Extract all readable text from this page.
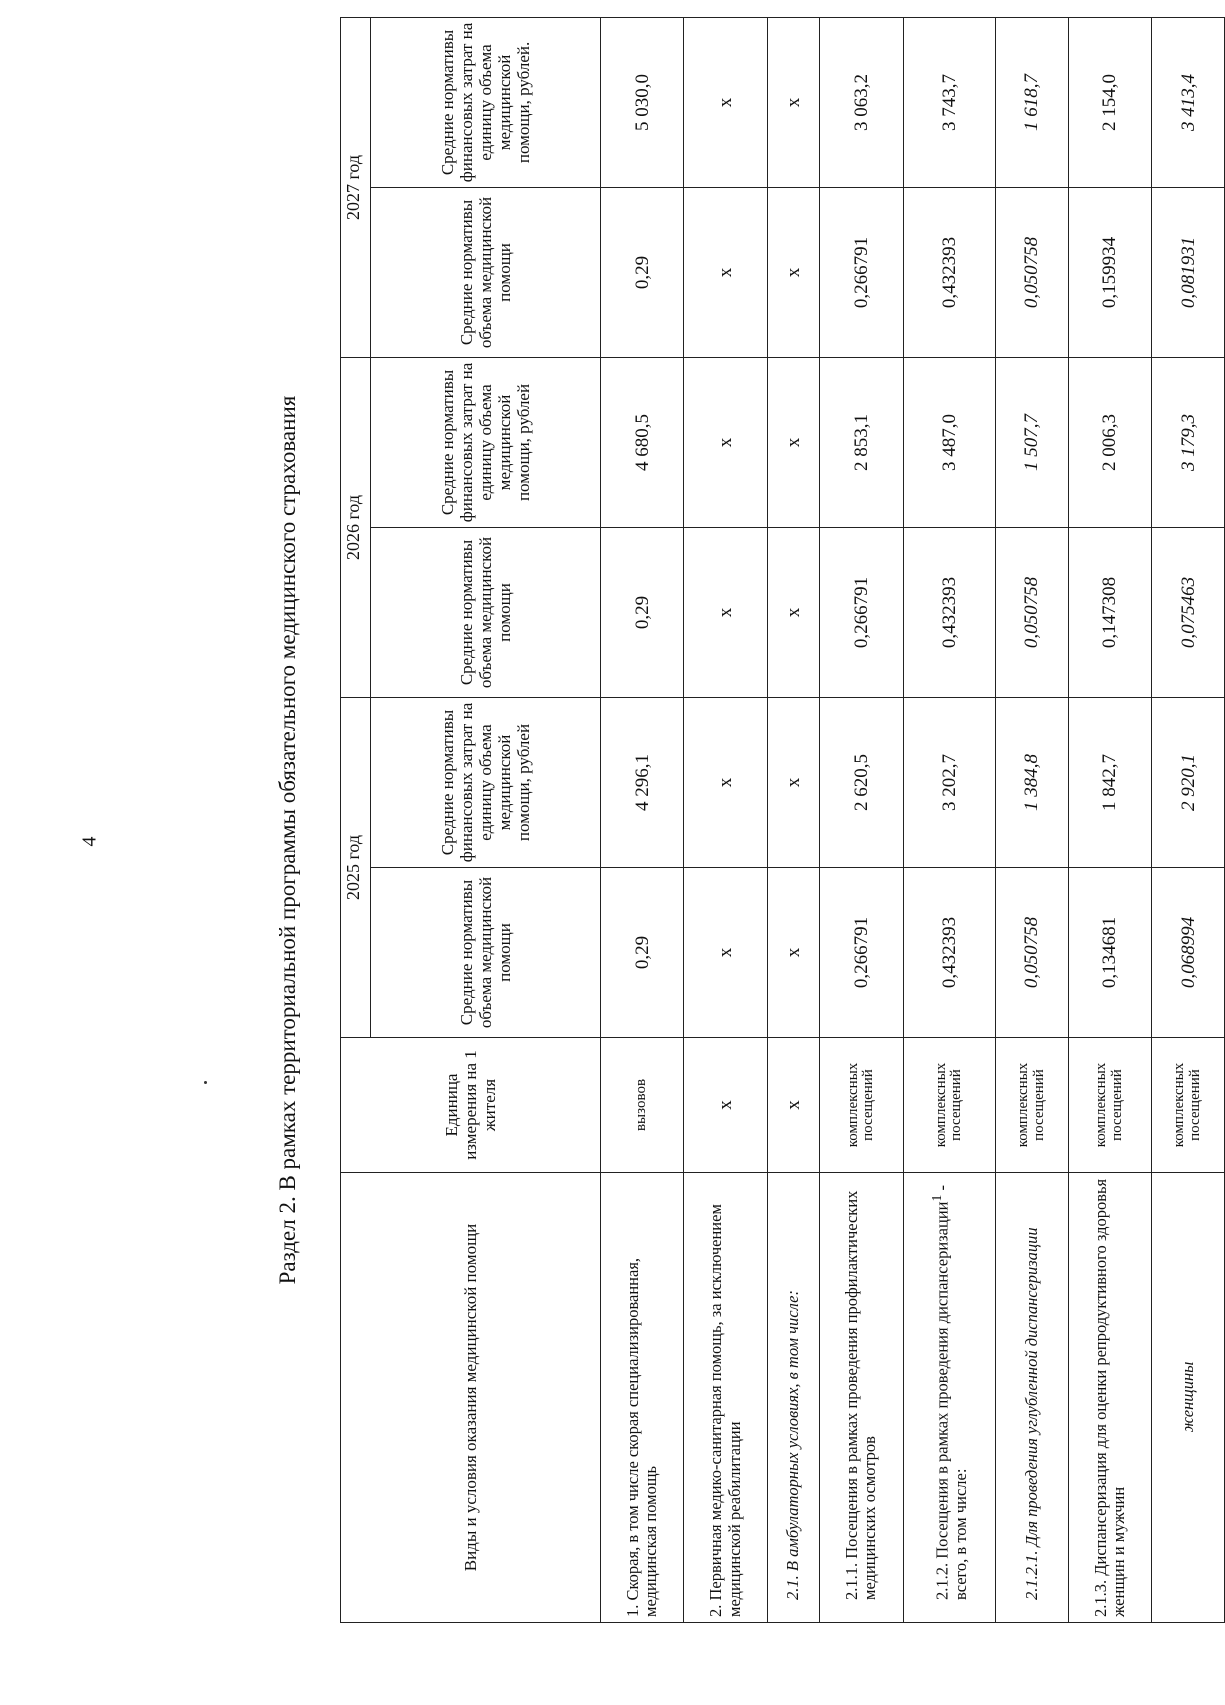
4	Раздел 2. В рамках территориальной программы обязательного медицинского страхования
Виды и условия оказания медицинской помощи	Единица измерения на 1 жителя	2025 год		2026 год		2027 год	
		Средние нормативы объема медицинской помощи	Средние нормативы финансовых затрат на единицу объема медицинской помощи, рублей	Средние нормативы объема медицинской помощи	Средние нормативы финансовых затрат на единицу объема медицинской помощи, рублей	Средние нормативы объема медицинской помощи	Средние нормативы финансовых затрат на единицу объема медицинской помощи, рублей.
1. Скорая, в том числе скорая специализированная, медицинская помощь	вызовов	0,29	4 296,1	0,29	4 680,5	0,29	5 030,0
2. Первичная медико-санитарная помощь, за исключением медицинской реабилитации	x	x	x	x	x	x	x
2.1. В амбулаторных условиях, в том числе:	x	x	x	x	x	x	x
2.1.1. Посещения в рамках проведения профилактических медицинских осмотров	комплексных посещений	0,266791	2 620,5	0,266791	2 853,1	0,266791	3 063,2
2.1.2. Посещения в рамках проведения диспансеризации$^1$ - всего, в том числе:	комплексных посещений	0,432393	3 202,7	0,432393	3 487,0	0,432393	3 743,7
2.1.2.1. Для проведения углубленной диспансеризации	комплексных посещений	0,050758	1 384,8	0,050758	1 507,7	0,050758	1 618,7
2.1.3. Диспансеризация для оценки репродуктивного здоровья женщин и мужчин	комплексных посещений	0,134681	1 842,7	0,147308	2 006,3	0,159934	2 154,0
женщины	комплексных посещений	0,068994	2 920,1	0,075463	3 179,3	0,081931	3 413,4
